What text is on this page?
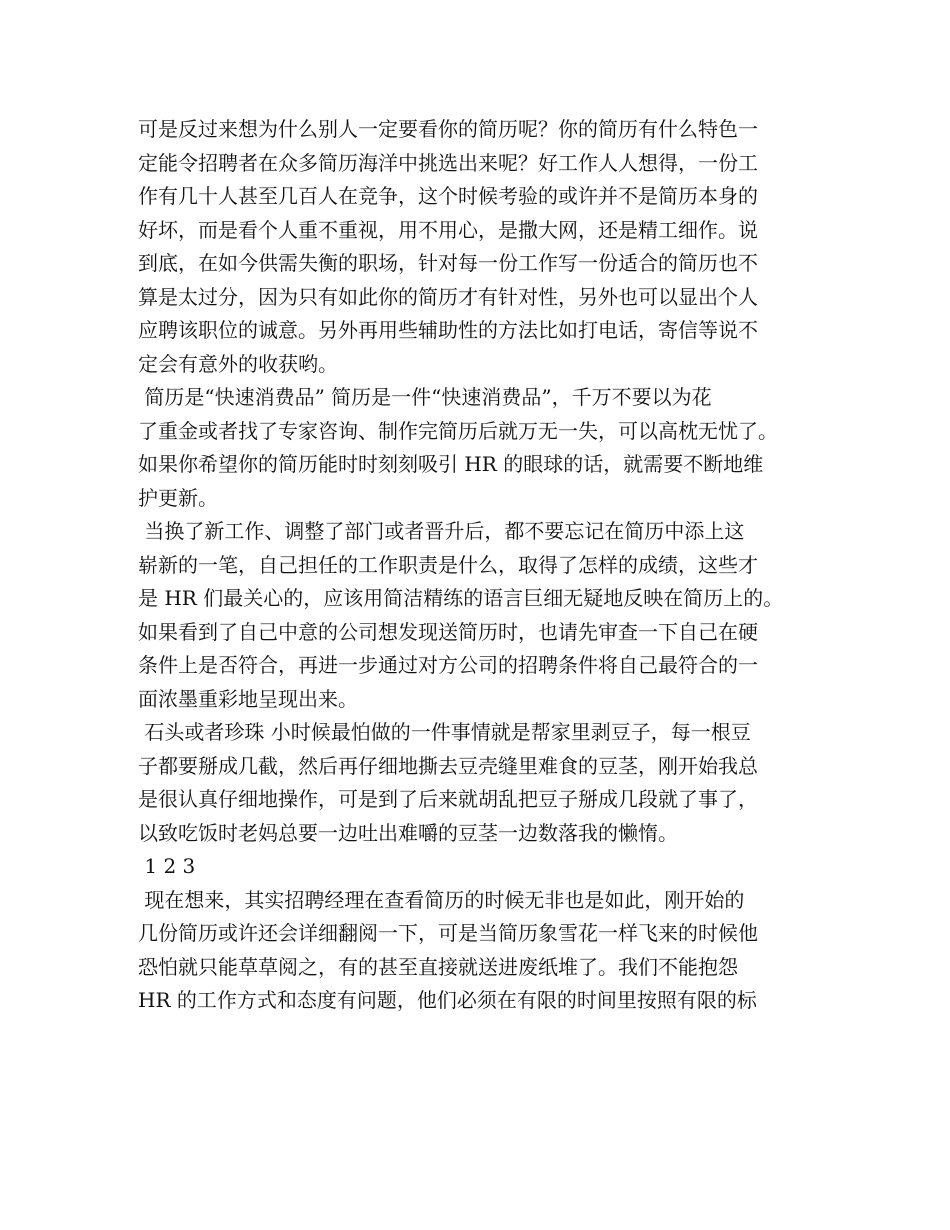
可是反过来想为什么别人一定要看你的简历呢？你的简历有什么特色一
定能令招聘者在众多简历海洋中挑选出来呢？好工作人人想得，一份工
作有几十人甚至几百人在竞争，这个时候考验的或许并不是简历本身的
好坏，而是看个人重不重视，用不用心，是撒大网，还是精工细作。说
到底，在如今供需失衡的职场，针对每一份工作写一份适合的简历也不
算是太过分，因为只有如此你的简历才有针对性，另外也可以显出个人
应聘该职位的诚意。另外再用些辅助性的方法比如打电话，寄信等说不
定会有意外的收获哟。
简历是“快速消费品” 简历是一件“快速消费品”，千万不要以为花
了重金或者找了专家咨询、制作完简历后就万无一失，可以高枕无忧了。
如果你希望你的简历能时时刻刻吸引 HR 的眼球的话，就需要不断地维
护更新。
当换了新工作、调整了部门或者晋升后，都不要忘记在简历中添上这
崭新的一笔，自己担任的工作职责是什么，取得了怎样的成绩，这些才
是 HR 们最关心的，应该用简洁精练的语言巨细无疑地反映在简历上的。
如果看到了自己中意的公司想发现送简历时，也请先审查一下自己在硬
条件上是否符合，再进一步通过对方公司的招聘条件将自己最符合的一
面浓墨重彩地呈现出来。
石头或者珍珠 小时候最怕做的一件事情就是帮家里剥豆子，每一根豆
子都要掰成几截，然后再仔细地撕去豆壳缝里难食的豆茎，刚开始我总
是很认真仔细地操作，可是到了后来就胡乱把豆子掰成几段就了事了，
以致吃饭时老妈总要一边吐出难嚼的豆茎一边数落我的懒惰。
1 2 3
现在想来，其实招聘经理在查看简历的时候无非也是如此，刚开始的
几份简历或许还会详细翻阅一下，可是当简历象雪花一样飞来的时候他
恐怕就只能草草阅之，有的甚至直接就送进废纸堆了。我们不能抱怨
HR 的工作方式和态度有问题，他们必须在有限的时间里按照有限的标
